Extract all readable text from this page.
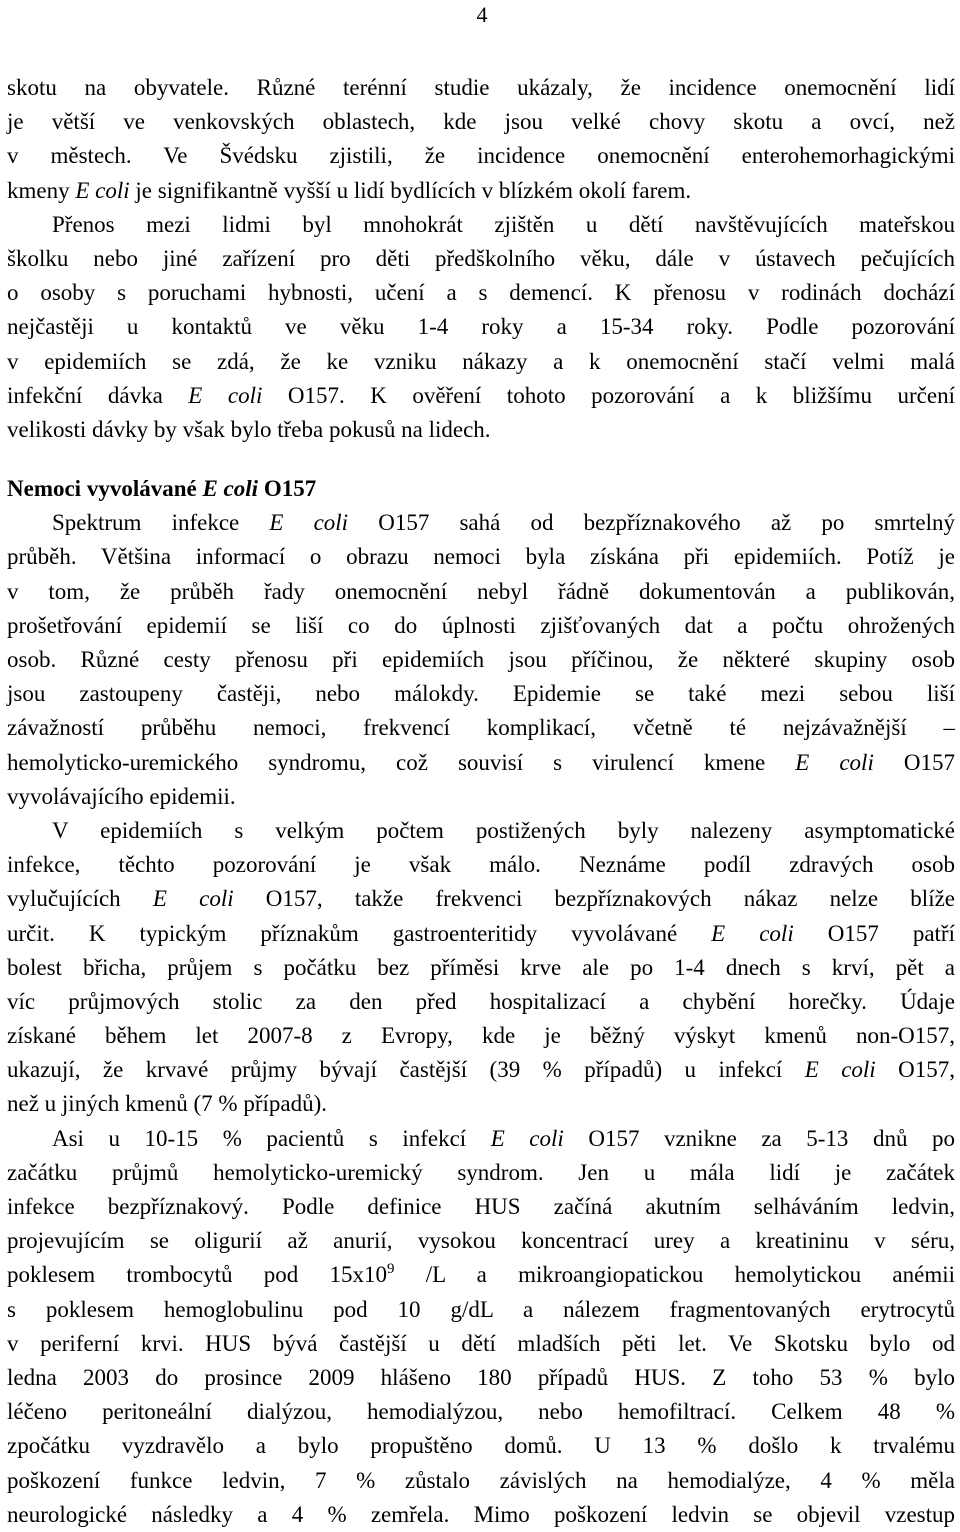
4
skotu na obyvatele. Různé terénní studie ukázaly, že incidence onemocnění lidí
je větší ve venkovských oblastech, kde jsou velké chovy skotu a ovcí, než
v městech. Ve Švédsku zjistili, že incidence onemocnění enterohemorhagickými
kmeny E coli je signifikantně vyšší u lidí bydlících v blízkém okolí farem.
Přenos mezi lidmi byl mnohokrát zjištěn u dětí navštěvujících mateřskou
školku nebo jiné zařízení pro děti předškolního věku, dále v ústavech pečujících
o osoby s poruchami hybnosti, učení a s demencí. K přenosu v rodinách dochází
nejčastěji u kontaktů ve věku 1-4 roky a 15-34 roky. Podle pozorování
v epidemiích se zdá, že ke vzniku nákazy a k onemocnění stačí velmi malá
infekční dávka E coli O157. K ověření tohoto pozorování a k bližšímu určení
velikosti dávky by však bylo třeba pokusů na lidech.
Nemoci vyvolávané E coli O157
Spektrum infekce E coli O157 sahá od bezpříznakového až po smrtelný
průběh. Většina informací o obrazu nemoci byla získána při epidemiích. Potíž je
v tom, že průběh řady onemocnění nebyl řádně dokumentován a publikován,
prošetřování epidemií se liší co do úplnosti zjišťovaných dat a počtu ohrožených
osob. Různé cesty přenosu při epidemiích jsou příčinou, že některé skupiny osob
jsou zastoupeny častěji, nebo málokdy. Epidemie se také mezi sebou liší
závažností průběhu nemoci, frekvencí komplikací, včetně té nejzávažnější –
hemolyticko-uremického syndromu, což souvisí s virulencí kmene E coli O157
vyvolávajícího epidemii.
V epidemiích s velkým počtem postižených byly nalezeny asymptomatické
infekce, těchto pozorování je však málo. Neznáme podíl zdravých osob
vylučujících E coli O157, takže frekvenci bezpříznakových nákaz nelze blíže
určit. K typickým příznakům gastroenteritidy vyvolávané E coli O157 patří
bolest břicha, průjem s počátku bez příměsi krve ale po 1-4 dnech s krví, pět a
víc průjmových stolic za den před hospitalizací a chybění horečky. Údaje
získané během let 2007-8 z Evropy, kde je běžný výskyt kmenů non-O157,
ukazují, že krvavé průjmy bývají častější (39 % případů) u infekcí E coli O157,
než u jiných kmenů (7 % případů).
Asi u 10-15 % pacientů s infekcí E coli O157 vznikne za 5-13 dnů po
začátku průjmů hemolyticko-uremický syndrom. Jen u mála lidí je začátek
infekce bezpříznakový. Podle definice HUS začíná akutním selháváním ledvin,
projevujícím se oligurií až anurií, vysokou koncentrací urey a kreatininu v séru,
poklesem trombocytů pod $15x10^9$ /L a mikroangiopatickou hemolytickou anémii
s poklesem hemoglobulinu pod 10 g/dL a nálezem fragmentovaných erytrocytů
v periferní krvi. HUS bývá častější u dětí mladších pěti let. Ve Skotsku bylo od
ledna 2003 do prosince 2009 hlášeno 180 případů HUS. Z toho 53 % bylo
léčeno peritoneální dialýzou, hemodialýzou, nebo hemofiltrací. Celkem 48 %
zpočátku vyzdravělo a bylo propuštěno domů. U 13 % došlo k trvalému
poškození funkce ledvin, 7 % zůstalo závislých na hemodialýze, 4 % měla
neurologické následky a 4 % zemřela. Mimo poškození ledvin se objevil vzestup
